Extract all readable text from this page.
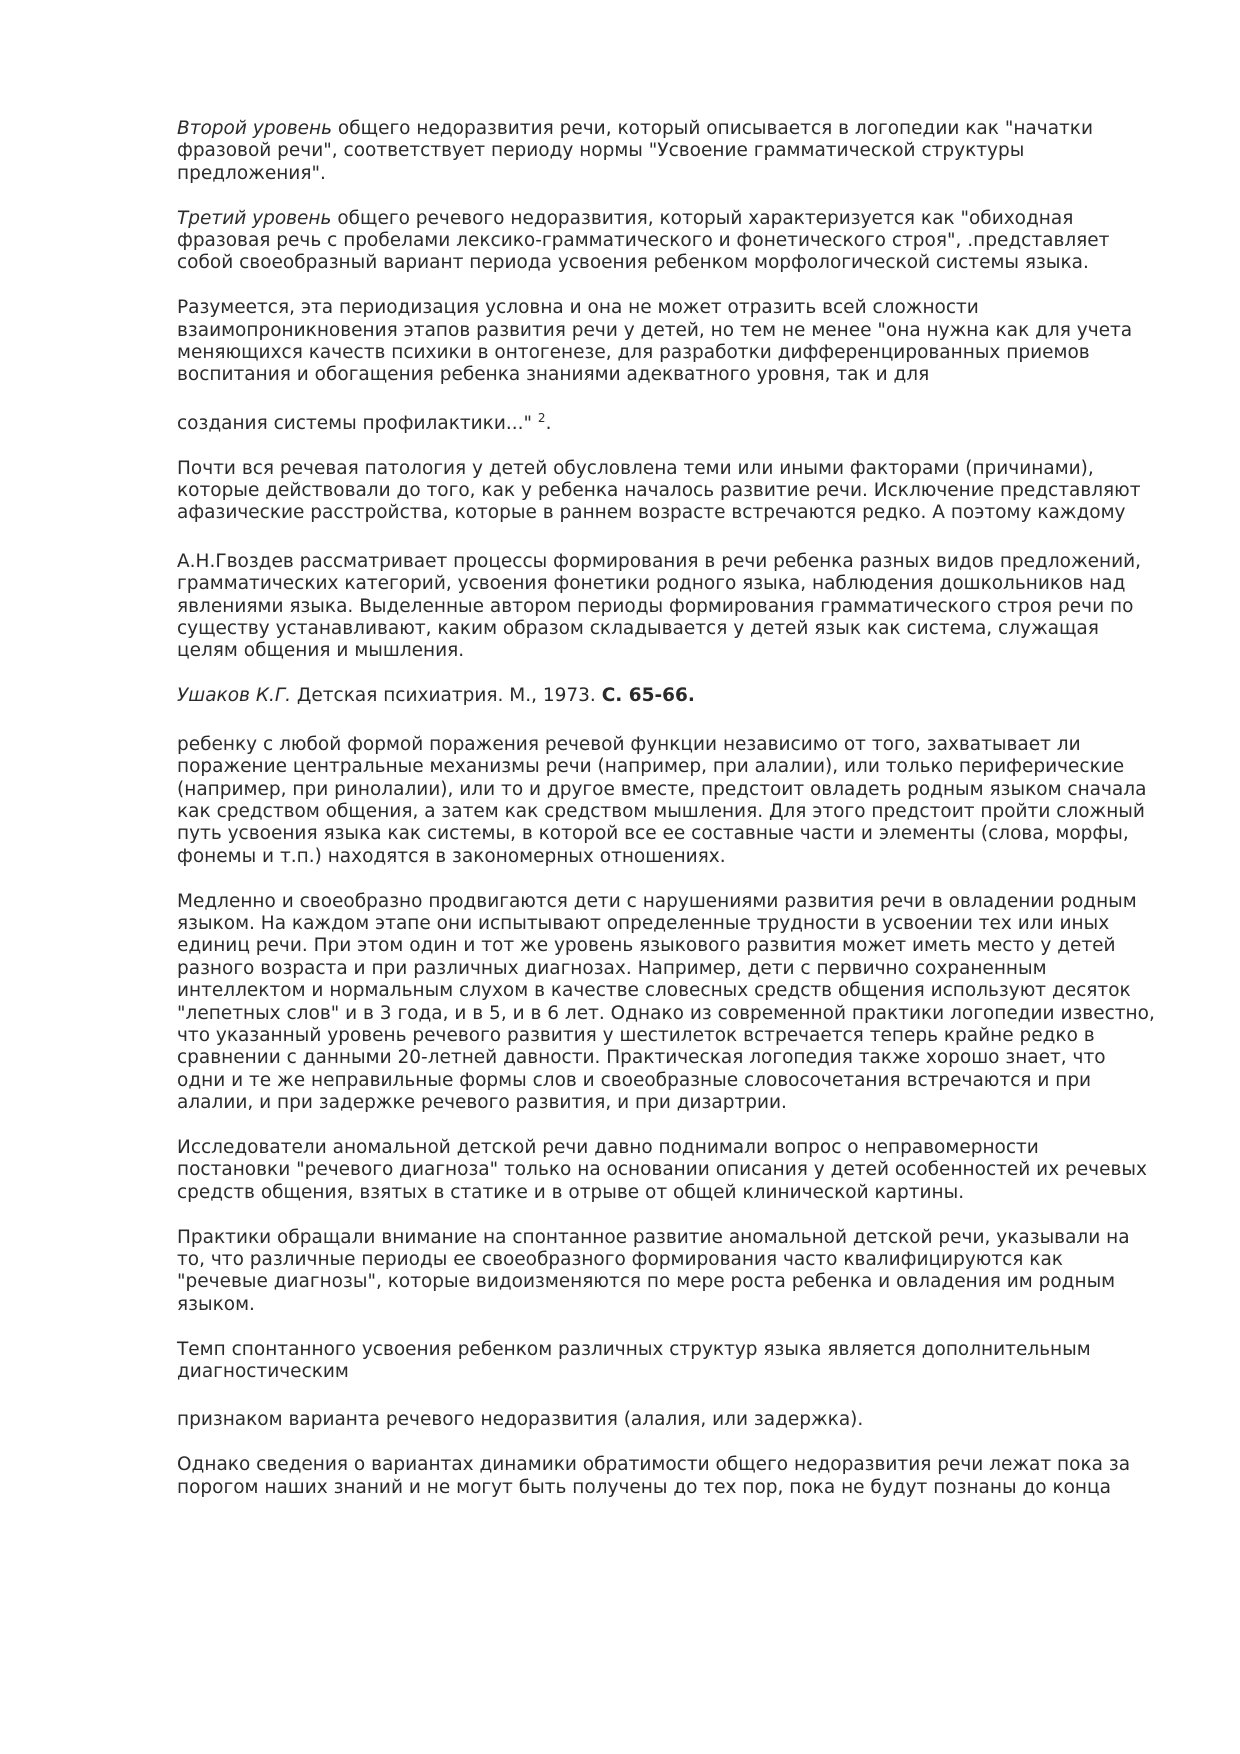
Второй уровень общего недоразвития речи, который описывается в логопедии как "начатки фразовой речи", соответствует периоду нормы "Усвоение грамматической структуры предложения".

Третий уровень общего речевого недоразвития, который характеризуется как "обиходная фразовая речь с пробелами лексико-грамматического и фонетического строя", .представляет собой своеобразный вариант периода усвоения ребенком морфологической системы языка.

Разумеется, эта периодизация условна и она не может отразить всей сложности взаимопроникновения этапов развития речи у детей, но тем не менее "она нужна как для учета меняющихся качеств психики в онтогенезе, для разработки дифференцированных приемов воспитания и обогащения ребенка знаниями адекватного уровня, так и для

создания системы профилактики..." $^2$.

Почти вся речевая патология у детей обусловлена теми или иными факторами (причинами), которые действовали до того, как у ребенка началось развитие речи. Исключение представляют афазические расстройства, которые в раннем возрасте встречаются редко. А поэтому каждому

А.Н.Гвоздев рассматривает процессы формирования в речи ребенка разных видов предложений, грамматических категорий, усвоения фонетики родного языка, наблюдения дошкольников над явлениями языка. Выделенные автором периоды формирования грамматического строя речи по существу устанавливают, каким образом складывается у детей язык как система, служащая целям общения и мышления.

Ушаков К.Г. Детская психиатрия. М., 1973. С. 65-66.

ребенку с любой формой поражения речевой функции независимо от того, захватывает ли поражение центральные механизмы речи (например, при алалии), или только периферические (например, при ринолалии), или то и другое вместе, предстоит овладеть родным языком сначала как средством общения, а затем как средством мышления. Для этого предстоит пройти сложный путь усвоения языка как системы, в которой все ее составные части и элементы (слова, морфы, фонемы и т.п.) находятся в закономерных отношениях.

Медленно и своеобразно продвигаются дети с нарушениями развития речи в овладении родным языком. На каждом этапе они испытывают определенные трудности в усвоении тех или иных единиц речи. При этом один и тот же уровень языкового развития может иметь место у детей разного возраста и при различных диагнозах. Например, дети с первично сохраненным интеллектом и нормальным слухом в качестве словесных средств общения используют десяток "лепетных слов" и в 3 года, и в 5, и в 6 лет. Однако из современной практики логопедии известно, что указанный уровень речевого развития у шестилеток встречается теперь крайне редко в сравнении с данными 20-летней давности. Практическая логопедия также хорошо знает, что одни и те же неправильные формы слов и своеобразные словосочетания встречаются и при алалии, и при задержке речевого развития, и при дизартрии.

Исследователи аномальной детской речи давно поднимали вопрос о неправомерности постановки "речевого диагноза" только на основании описания у детей особенностей их речевых средств общения, взятых в статике и в отрыве от общей клинической картины.

Практики обращали внимание на спонтанное развитие аномальной детской речи, указывали на то, что различные периоды ее своеобразного формирования часто квалифицируются как "речевые диагнозы", которые видоизменяются по мере роста ребенка и овладения им родным языком.

Темп спонтанного усвоения ребенком различных структур языка является дополнительным диагностическим

признаком варианта речевого недоразвития (алалия, или задержка).

Однако сведения о вариантах динамики обратимости общего недоразвития речи лежат пока за порогом наших знаний и не могут быть получены до тех пор, пока не будут познаны до конца
